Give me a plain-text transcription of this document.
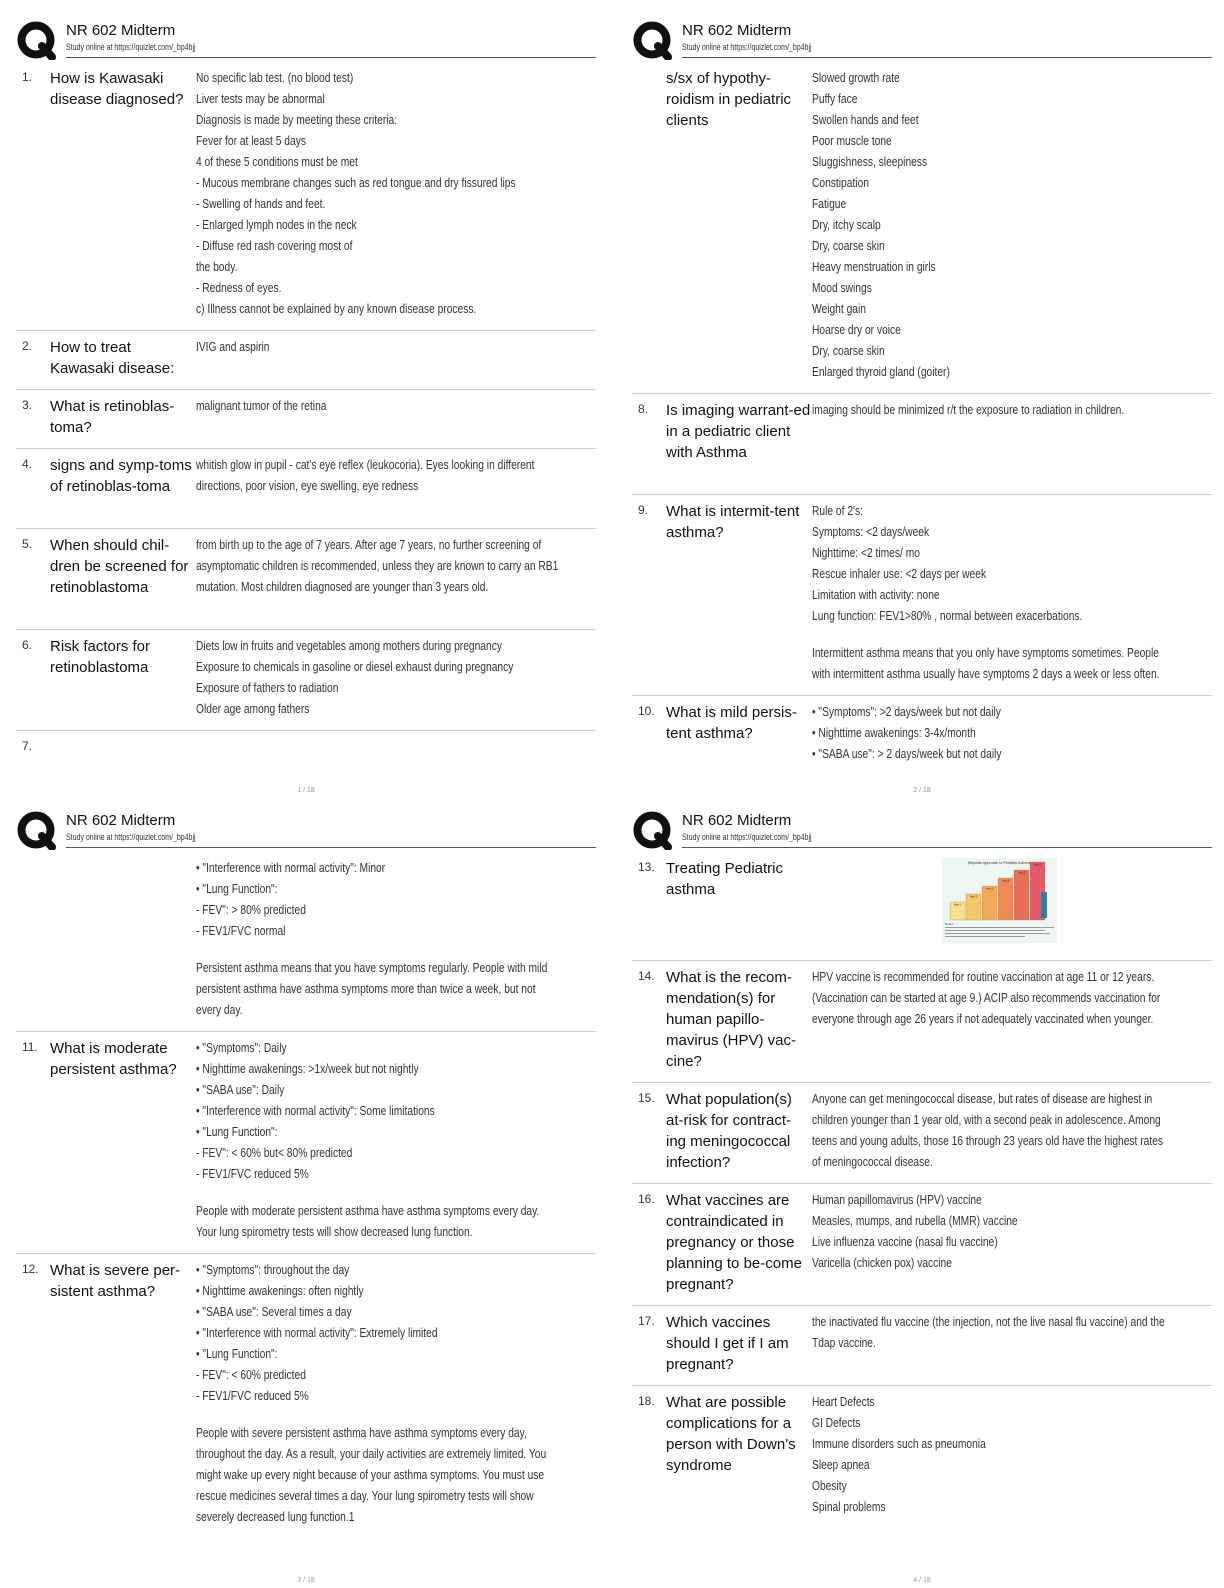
NR 602 Midterm
Study online at https://quizlet.com/_bp4bjj
1. How is Kawasaki disease diagnosed?
No specific lab test. (no blood test)
Liver tests may be abnormal
Diagnosis is made by meeting these criteria:
Fever for at least 5 days
4 of these 5 conditions must be met
- Mucous membrane changes such as red tongue and dry fissured lips
- Swelling of hands and feet.
- Enlarged lymph nodes in the neck
- Diffuse red rash covering most of
the body.
- Redness of eyes.
c) Illness cannot be explained by any known disease process.
2. How to treat Kawasaki disease:
IVIG and aspirin
3. What is retinoblas-toma?
malignant tumor of the retina
4. signs and symp-toms of retinoblas-toma
whitish glow in pupil - cat's eye reflex (leukocoria). Eyes looking in different
directions, poor vision, eye swelling, eye redness
5. When should chil-dren be screened for retinoblastoma
from birth up to the age of 7 years. After age 7 years, no further screening of
asymptomatic children is recommended, unless they are known to carry an RB1
mutation. Most children diagnosed are younger than 3 years old.
6. Risk factors for retinoblastoma
Diets low in fruits and vegetables among mothers during pregnancy
Exposure to chemicals in gasoline or diesel exhaust during pregnancy
Exposure of fathers to radiation
Older age among fathers
7.
1 / 18
NR 602 Midterm
Study online at https://quizlet.com/_bp4bjj
s/sx of hypothy-roidism in pediatric clients
Slowed growth rate
Puffy face
Swollen hands and feet
Poor muscle tone
Sluggishness, sleepiness
Constipation
Fatigue
Dry, itchy scalp
Dry, coarse skin
Heavy menstruation in girls
Mood swings
Weight gain
Hoarse dry or voice
Dry, coarse skin
Enlarged thyroid gland (goiter)
8. Is imaging warrant-ed in a pediatric client with Asthma
imaging should be minimized r/t the exposure to radiation in children.
9. What is intermit-tent asthma?
Rule of 2's:
Symptoms: <2 days/week
Nighttime: <2 times/ mo
Rescue inhaler use: <2 days per week
Limitation with activity: none
Lung function: FEV1>80% , normal between exacerbations.
Intermittent asthma means that you only have symptoms sometimes. People
with intermittent asthma usually have symptoms 2 days a week or less often.
10. What is mild persis-tent asthma?
• "Symptoms": >2 days/week but not daily
• Nighttime awakenings: 3-4x/month
• "SABA use": > 2 days/week but not daily
2 / 18
NR 602 Midterm
Study online at https://quizlet.com/_bp4bjj
• "Interference with normal activity": Minor
• "Lung Function":
- FEV": > 80% predicted
- FEV1/FVC normal
Persistent asthma means that you have symptoms regularly. People with mild
persistent asthma have asthma symptoms more than twice a week, but not
every day.
11. What is moderate persistent asthma?
• "Symptoms": Daily
• Nighttime awakenings: >1x/week but not nightly
• "SABA use": Daily
• "Interference with normal activity": Some limitations
• "Lung Function":
- FEV": < 60% but< 80% predicted
- FEV1/FVC reduced 5%
People with moderate persistent asthma have asthma symptoms every day.
Your lung spirometry tests will show decreased lung function.
12. What is severe per-sistent asthma?
• "Symptoms": throughout the day
• Nighttime awakenings: often nightly
• "SABA use": Several times a day
• "Interference with normal activity": Extremely limited
• "Lung Function":
- FEV": < 60% predicted
- FEV1/FVC reduced 5%
People with severe persistent asthma have asthma symptoms every day,
throughout the day. As a result, your daily activities are extremely limited. You
might wake up every night because of your asthma symptoms. You must use
rescue medicines several times a day. Your lung spirometry tests will show
severely decreased lung function.1
3 / 18
NR 602 Midterm
Study online at https://quizlet.com/_bp4bjj
13. Treating Pediatric asthma
Stepwise Approach to Pediatric Asthma
Step 1
Step 2
Step 3
Step 4
Step 5
Step 6
Notes:
14. What is the recom-mendation(s) for human papillo-mavirus (HPV) vac-cine?
HPV vaccine is recommended for routine vaccination at age 11 or 12 years.
(Vaccination can be started at age 9.) ACIP also recommends vaccination for
everyone through age 26 years if not adequately vaccinated when younger.
15. What population(s) at-risk for contract-ing meningococcal infection?
Anyone can get meningococcal disease, but rates of disease are highest in
children younger than 1 year old, with a second peak in adolescence. Among
teens and young adults, those 16 through 23 years old have the highest rates
of meningococcal disease.
16. What vaccines are contraindicated in pregnancy or those planning to be-come pregnant?
Human papillomavirus (HPV) vaccine
Measles, mumps, and rubella (MMR) vaccine
Live influenza vaccine (nasal flu vaccine)
Varicella (chicken pox) vaccine
17. Which vaccines should I get if I am pregnant?
the inactivated flu vaccine (the injection, not the live nasal flu vaccine) and the
Tdap vaccine.
18. What are possible complications for a person with Down's syndrome
Heart Defects
GI Defects
Immune disorders such as pneumonia
Sleep apnea
Obesity
Spinal problems
4 / 18
